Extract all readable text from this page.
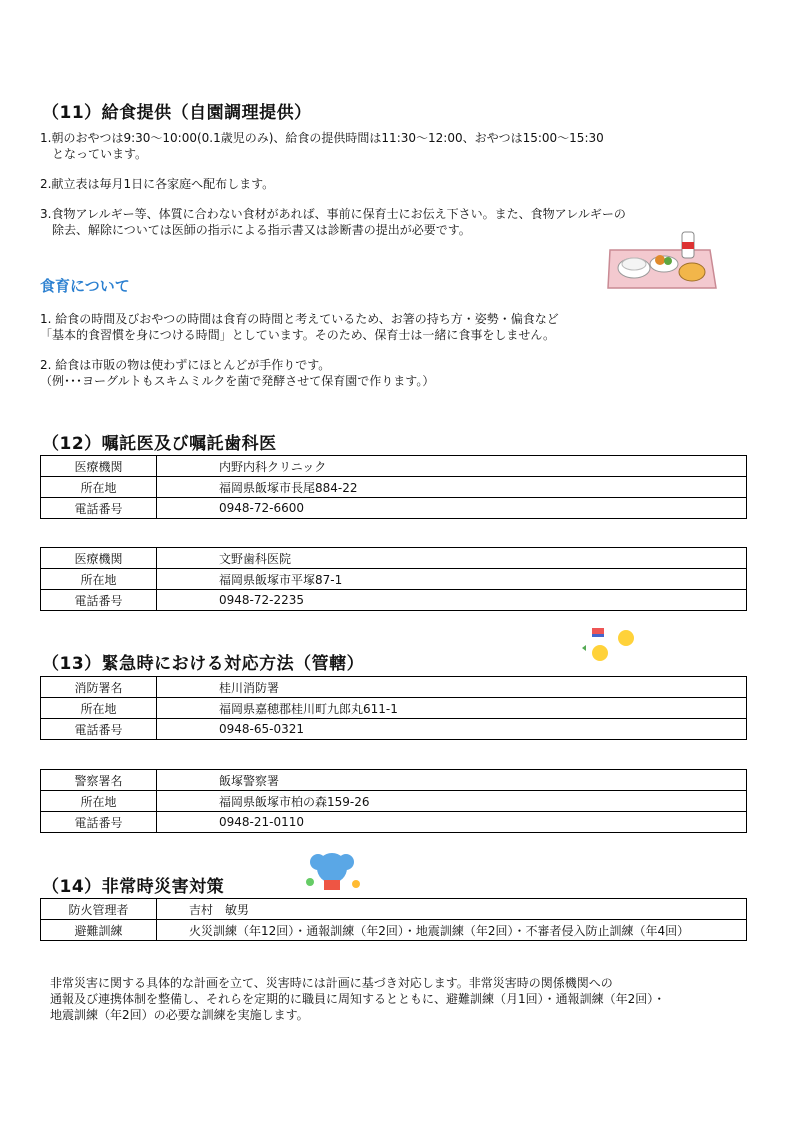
（11）給食提供（自園調理提供）
1.朝のおやつは9:30～10:00(0.1歳児のみ)、給食の提供時間は11:30～12:00、おやつは15:00～15:30
　となっています。
2.献立表は毎月1日に各家庭へ配布します。
3.食物アレルギー等、体質に合わない食材があれば、事前に保育士にお伝え下さい。また、食物アレルギーの
　除去、解除については医師の指示による指示書又は診断書の提出が必要です。
食育について
1. 給食の時間及びおやつの時間は食育の時間と考えているため、お箸の持ち方・姿勢・偏食など
「基本的食習慣を身につける時間」としています。そのため、保育士は一緒に食事をしません。
2. 給食は市販の物は使わずにほとんどが手作りです。
（例･･･ヨーグルトもスキムミルクを菌で発酵させて保育園で作ります。）
（12）嘱託医及び嘱託歯科医
医療機関	内野内科クリニック
所在地	福岡県飯塚市長尾884-22
電話番号	0948-72-6600
医療機関	文野歯科医院
所在地	福岡県飯塚市平塚87-1
電話番号	0948-72-2235
（13）緊急時における対応方法（管轄）
消防署名	桂川消防署
所在地	福岡県嘉穂郡桂川町九郎丸611-1
電話番号	0948-65-0321
警察署名	飯塚警察署
所在地	福岡県飯塚市柏の森159-26
電話番号	0948-21-0110
（14）非常時災害対策
防火管理者	吉村　敏男
避難訓練	火災訓練（年12回）・通報訓練（年2回）・地震訓練（年2回）・不審者侵入防止訓練（年4回）
非常災害に関する具体的な計画を立て、災害時には計画に基づき対応します。非常災害時の関係機関への
通報及び連携体制を整備し、それらを定期的に職員に周知するとともに、避難訓練（月1回）・通報訓練（年2回）・
地震訓練（年2回）の必要な訓練を実施します。
